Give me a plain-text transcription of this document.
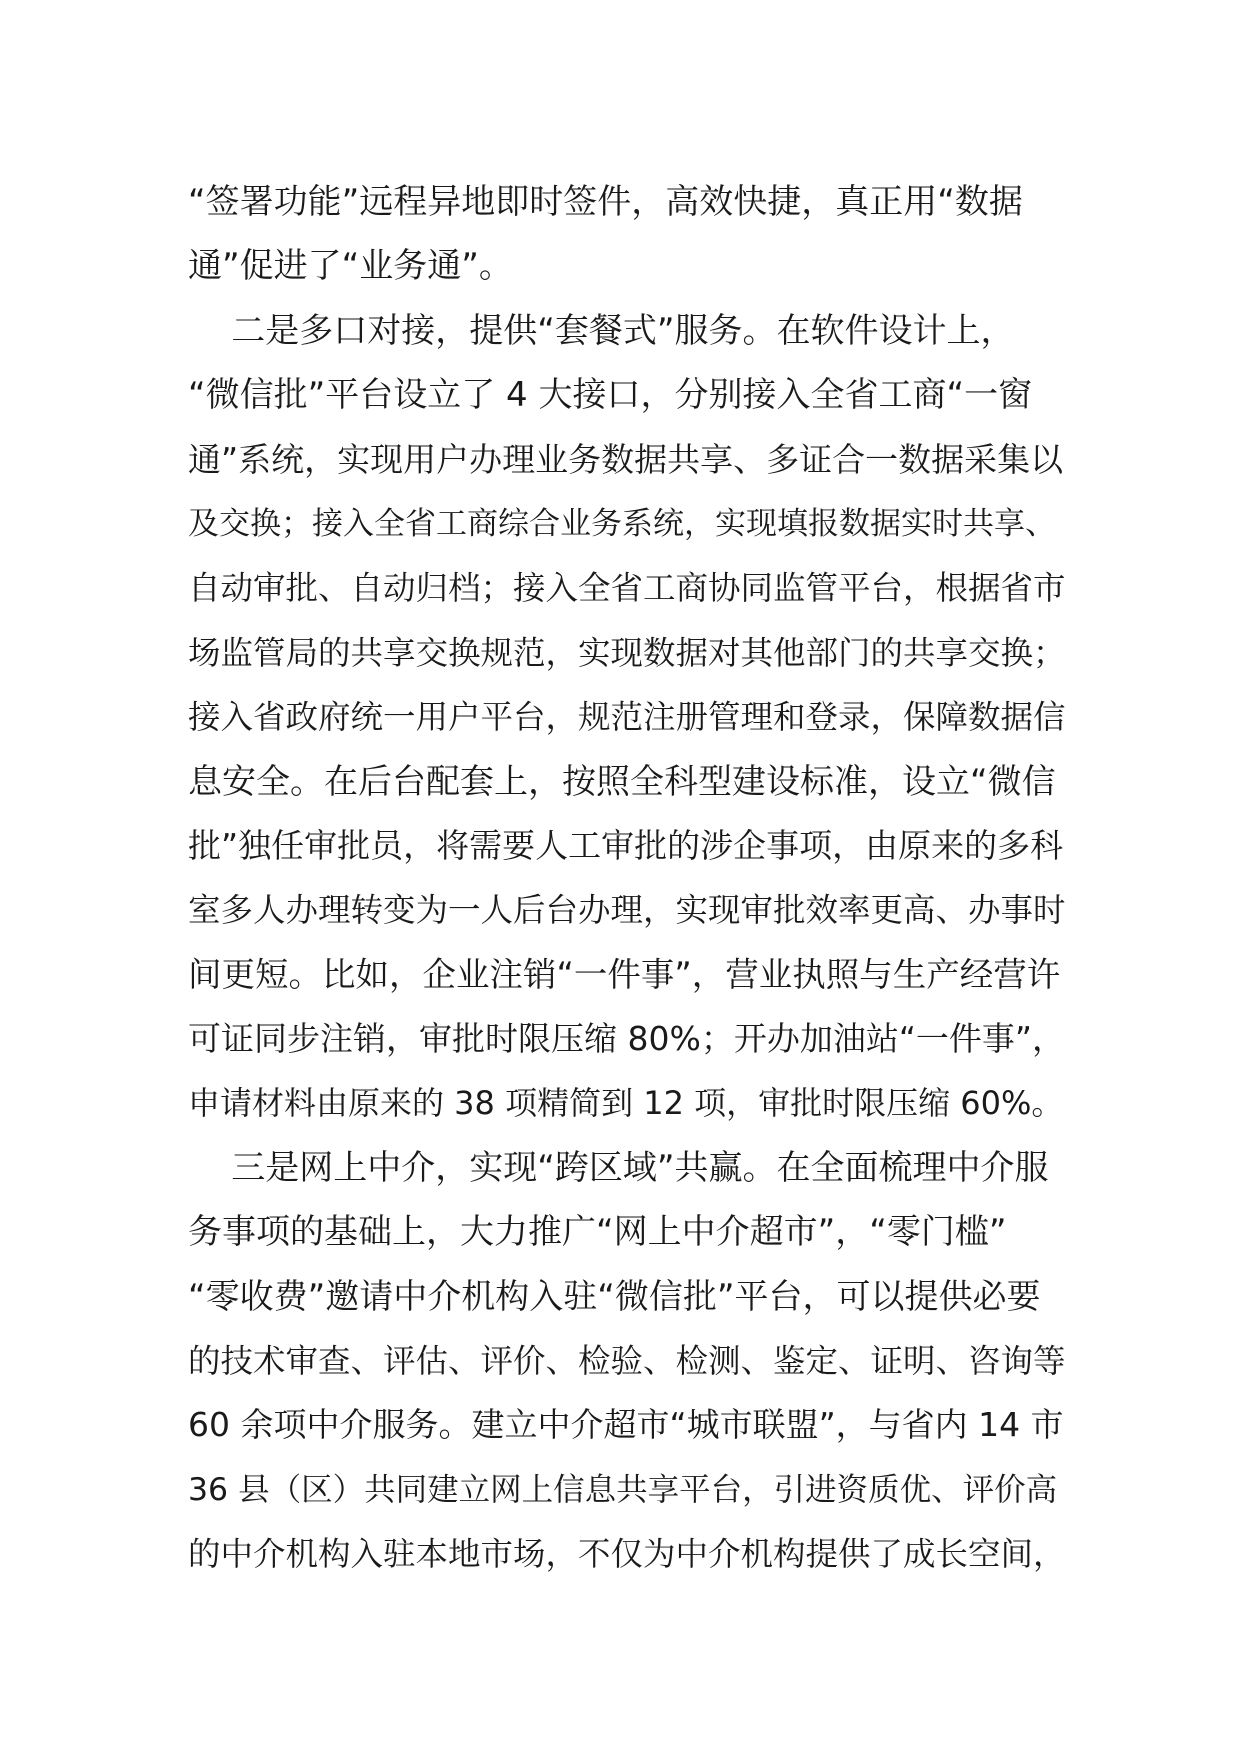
“签署功能”远程异地即时签件，高效快捷，真正用“数据
通”促进了“业务通”。
二是多口对接，提供“套餐式”服务。在软件设计上，
“微信批”平台设立了 4 大接口，分别接入全省工商“一窗
通”系统，实现用户办理业务数据共享、多证合一数据采集以
及交换；接入全省工商综合业务系统，实现填报数据实时共享、
自动审批、自动归档；接入全省工商协同监管平台，根据省市
场监管局的共享交换规范，实现数据对其他部门的共享交换；
接入省政府统一用户平台，规范注册管理和登录，保障数据信
息安全。在后台配套上，按照全科型建设标准，设立“微信
批”独任审批员，将需要人工审批的涉企事项，由原来的多科
室多人办理转变为一人后台办理，实现审批效率更高、办事时
间更短。比如，企业注销“一件事”，营业执照与生产经营许
可证同步注销，审批时限压缩 80%；开办加油站“一件事”，
申请材料由原来的 38 项精简到 12 项，审批时限压缩 60%。
三是网上中介，实现“跨区域”共赢。在全面梳理中介服
务事项的基础上，大力推广“网上中介超市”，“零门槛”
“零收费”邀请中介机构入驻“微信批”平台，可以提供必要
的技术审查、评估、评价、检验、检测、鉴定、证明、咨询等
60 余项中介服务。建立中介超市“城市联盟”，与省内 14 市
36 县（区）共同建立网上信息共享平台，引进资质优、评价高
的中介机构入驻本地市场，不仅为中介机构提供了成长空间，
